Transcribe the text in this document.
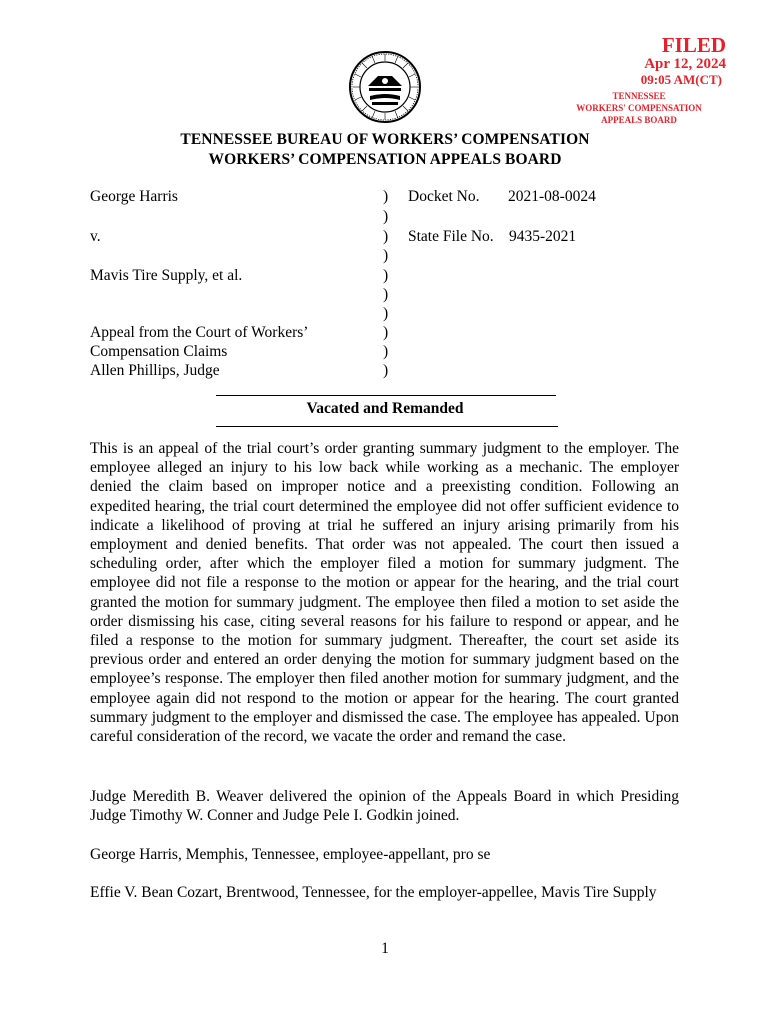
FILED
Apr 12, 2024
09:05 AM(CT)
TENNESSEE
WORKERS' COMPENSATION
APPEALS BOARD
TENNESSEE BUREAU OF WORKERS’ COMPENSATION
WORKERS’ COMPENSATION APPEALS BOARD
George Harris
v.
Mavis Tire Supply, et al.
Appeal from the Court of Workers’
Compensation Claims
Allen Phillips, Judge
)
)
)
)
)
)
)
)
)
)
Docket No. 2021-08-0024
State File No. 9435-2021
Vacated and Remanded
This is an appeal of the trial court’s order granting summary judgment to the employer. The employee alleged an injury to his low back while working as a mechanic. The employer denied the claim based on improper notice and a preexisting condition. Following an expedited hearing, the trial court determined the employee did not offer sufficient evidence to indicate a likelihood of proving at trial he suffered an injury arising primarily from his employment and denied benefits. That order was not appealed. The court then issued a scheduling order, after which the employer filed a motion for summary judgment. The employee did not file a response to the motion or appear for the hearing, and the trial court granted the motion for summary judgment. The employee then filed a motion to set aside the order dismissing his case, citing several reasons for his failure to respond or appear, and he filed a response to the motion for summary judgment. Thereafter, the court set aside its previous order and entered an order denying the motion for summary judgment based on the employee’s response. The employer then filed another motion for summary judgment, and the employee again did not respond to the motion or appear for the hearing. The court granted summary judgment to the employer and dismissed the case. The employee has appealed. Upon careful consideration of the record, we vacate the order and remand the case.
Judge Meredith B. Weaver delivered the opinion of the Appeals Board in which Presiding Judge Timothy W. Conner and Judge Pele I. Godkin joined.
George Harris, Memphis, Tennessee, employee-appellant, pro se
Effie V. Bean Cozart, Brentwood, Tennessee, for the employer-appellee, Mavis Tire Supply
1
